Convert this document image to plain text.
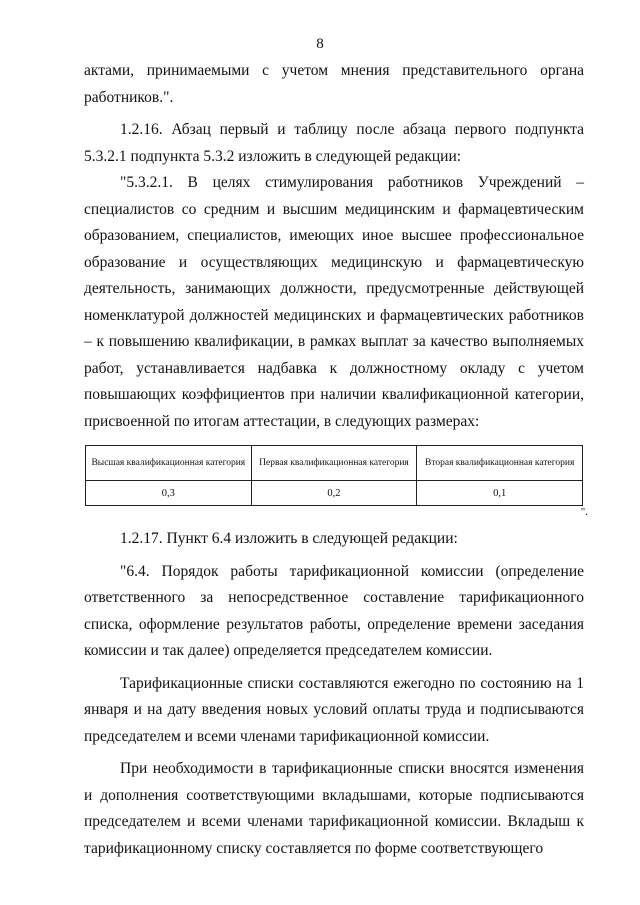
8

актами, принимаемыми с учетом мнения представительного органа работников.".

1.2.16. Абзац первый и таблицу после абзаца первого подпункта 5.3.2.1 подпункта 5.3.2 изложить в следующей редакции:

"5.3.2.1. В целях стимулирования работников Учреждений – специалистов со средним и высшим медицинским и фармацевтическим образованием, специалистов, имеющих иное высшее профессиональное образование и осуществляющих медицинскую и фармацевтическую деятельность, занимающих должности, предусмотренные действующей номенклатурой должностей медицинских и фармацевтических работников – к повышению квалификации, в рамках выплат за качество выполняемых работ, устанавливается надбавка к должностному окладу с учетом повышающих коэффициентов при наличии квалификационной категории, присвоенной по итогам аттестации, в следующих размерах:

Высшая квалификационная категория	Первая квалификационная категория	Вторая квалификационная категория
0,3	0,2	0,1
".

1.2.17. Пункт 6.4 изложить в следующей редакции:

"6.4. Порядок работы тарификационной комиссии (определение ответственного за непосредственное составление тарификационного списка, оформление результатов работы, определение времени заседания комиссии и так далее) определяется председателем комиссии.

Тарификационные списки составляются ежегодно по состоянию на 1 января и на дату введения новых условий оплаты труда и подписываются председателем и всеми членами тарификационной комиссии.

При необходимости в тарификационные списки вносятся изменения и дополнения соответствующими вкладышами, которые подписываются председателем и всеми членами тарификационной комиссии. Вкладыш к тарификационному списку составляется по форме соответствующего
